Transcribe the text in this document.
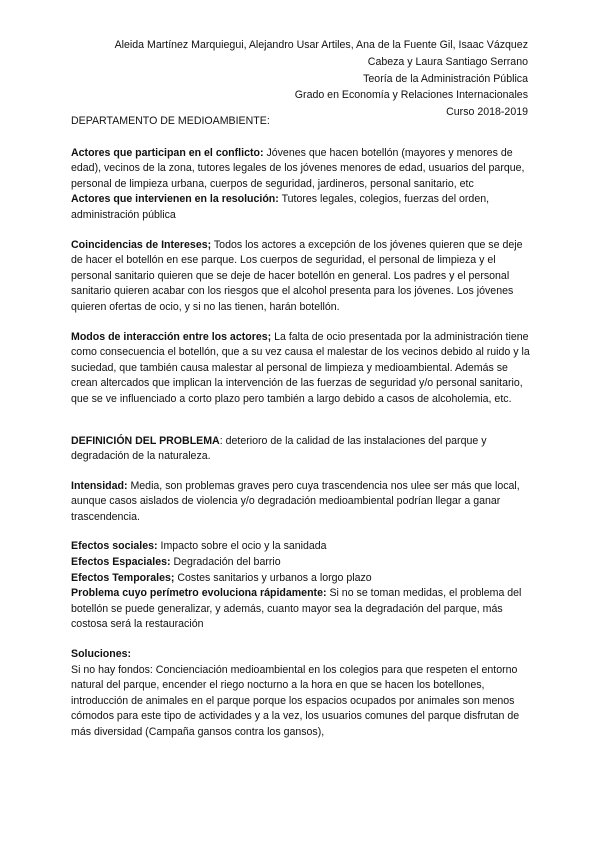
Aleida Martínez Marquiegui, Alejandro Usar Artiles, Ana de la Fuente Gil, Isaac Vázquez
Cabeza y Laura Santiago Serrano
Teoría de la Administración Pública
Grado en Economía y Relaciones Internacionales
Curso 2018-2019

DEPARTAMENTO DE MEDIOAMBIENTE:

Actores que participan en el conflicto: Jóvenes que hacen botellón (mayores y menores de edad), vecinos de la zona, tutores legales de los jóvenes menores de edad, usuarios del parque, personal de limpieza urbana, cuerpos de seguridad, jardineros, personal sanitario, etc

Actores que intervienen en la resolución: Tutores legales, colegios, fuerzas del orden, administración pública

Coincidencias de Intereses; Todos los actores a excepción de los jóvenes quieren que se deje de hacer el botellón en ese parque. Los cuerpos de seguridad, el personal de limpieza y el personal sanitario quieren que se deje de hacer botellón en general. Los padres y el personal sanitario quieren acabar con los riesgos que el alcohol presenta para los jóvenes. Los jóvenes quieren ofertas de ocio, y si no las tienen, harán botellón.

Modos de interacción entre los actores; La falta de ocio presentada por la administración tiene como consecuencia el botellón, que a su vez causa el malestar de los vecinos debido al ruido y la suciedad, que también causa malestar al personal de limpieza y medioambiental. Además se crean altercados que implican la intervención de las fuerzas de seguridad y/o personal sanitario, que se ve influenciado a corto plazo pero también a largo debido a casos de alcoholemia, etc.

DEFINICIÓN DEL PROBLEMA: deterioro de la calidad de las instalaciones del parque y degradación de la naturaleza.

Intensidad: Media, son problemas graves pero cuya trascendencia nos ulee ser más que local, aunque casos aislados de violencia y/o degradación medioambiental podrían llegar a ganar trascendencia.

Efectos sociales: Impacto sobre el ocio y la sanidada

Efectos Espaciales: Degradación del barrio

Efectos Temporales; Costes sanitarios y urbanos a lorgo plazo

Problema cuyo perímetro evoluciona rápidamente: Si no se toman medidas, el problema del botellón se puede generalizar, y además, cuanto mayor sea la degradación del parque, más costosa será la restauración

Soluciones:

Si no hay fondos: Concienciación medioambiental en los colegios para que respeten el entorno natural del parque, encender el riego nocturno a la hora en que se hacen los botellones, introducción de animales en el parque porque los espacios ocupados por animales son menos cómodos para este tipo de actividades y a la vez, los usuarios comunes del parque disfrutan de más diversidad (Campaña gansos contra los gansos),
